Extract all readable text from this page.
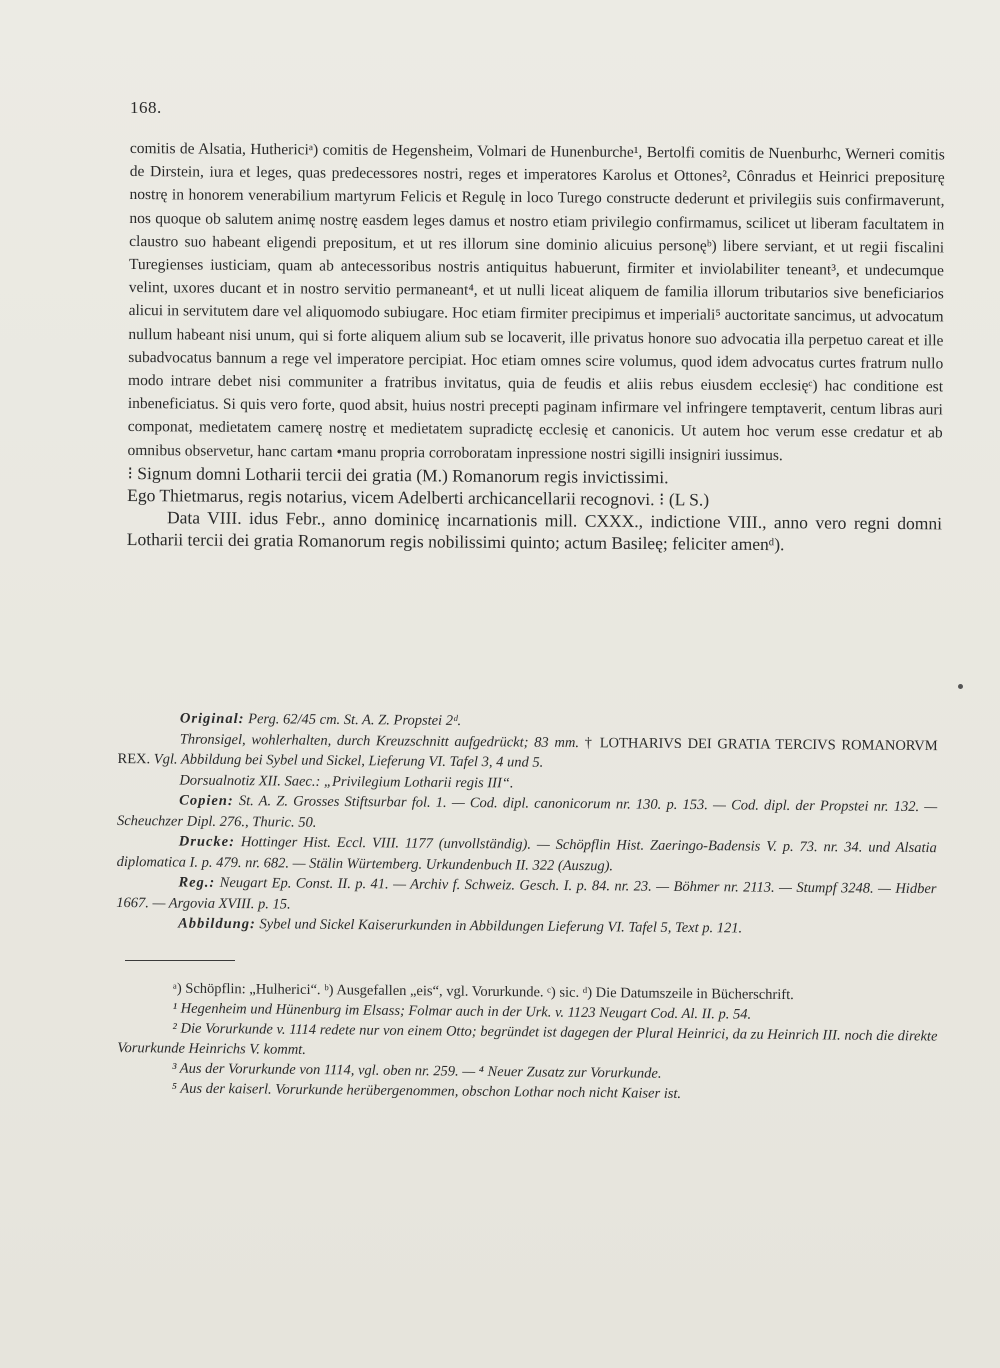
168.

comitis de Alsatia, Huthericiᵃ) comitis de Hegensheim, Volmari de Hunenburche¹, Bertolfi comitis de Nuenburhc, Werneri comitis de Dirstein, iura et leges, quas predecessores nostri, reges et imperatores Karolus et Ottones², Cônradus et Heinrici prepositurę nostrę in honorem venerabilium martyrum Felicis et Regulę in loco Turego constructe dederunt et privilegiis suis confirmaverunt, nos quoque ob salutem animę nostrę easdem leges damus et nostro etiam privilegio confirmamus, scilicet ut liberam facultatem in claustro suo habeant eligendi prepositum, et ut res illorum sine dominio alicuius personęᵇ) libere serviant, et ut regii fiscalini Turegienses iusticiam, quam ab antecessoribus nostris antiquitus habuerunt, firmiter et inviolabiliter teneant³, et undecumque velint, uxores ducant et in nostro servitio permaneant⁴, et ut nulli liceat aliquem de familia illorum tributarios sive beneficiarios alicui in servitutem dare vel aliquomodo subiugare. Hoc etiam firmiter precipimus et imperiali⁵ auctoritate sancimus, ut advocatum nullum habeant nisi unum, qui si forte aliquem alium sub se locaverit, ille privatus honore suo advocatia illa perpetuo careat et ille subadvocatus bannum a rege vel imperatore percipiat. Hoc etiam omnes scire volumus, quod idem advocatus curtes fratrum nullo modo intrare debet nisi communiter a fratribus invitatus, quia de feudis et aliis rebus eiusdem ecclesięᶜ) hac conditione est inbeneficiatus. Si quis vero forte, quod absit, huius nostri precepti paginam infirmare vel infringere temptaverit, centum libras auri componat, medietatem camerę nostrę et medietatem supradictę ecclesię et canonicis. Ut autem hoc verum esse credatur et ab omnibus observetur, hanc cartam •manu propria corroboratam inpressione nostri sigilli insigniri iussimus.

⁝ Signum domni Lotharii tercii dei gratia (M.) Romanorum regis invictissimi.

Ego Thietmarus, regis notarius, vicem Adelberti archicancellarii recognovi. ⁝ (L S.)

Data VIII. idus Febr., anno dominicę incarnationis mill. CXXX., indictione VIII., anno vero regni domni Lotharii tercii dei gratia Romanorum regis nobilissimi quinto; actum Basileę; feliciter amenᵈ).

Original: Perg. 62/45 cm. St. A. Z. Propstei 2ᵈ.

Thronsigel, wohlerhalten, durch Kreuzschnitt aufgedrückt; 83 mm. † LOTHARIVS DEI GRATIA TERCIVS ROMANORVM REX. Vgl. Abbildung bei Sybel und Sickel, Lieferung VI. Tafel 3, 4 und 5.

Dorsualnotiz XII. Saec.: „Privilegium Lotharii regis III“.

Copien: St. A. Z. Grosses Stiftsurbar fol. 1. — Cod. dipl. canonicorum nr. 130. p. 153. — Cod. dipl. der Propstei nr. 132. — Scheuchzer Dipl. 276., Thuric. 50.

Drucke: Hottinger Hist. Eccl. VIII. 1177 (unvollständig). — Schöpflin Hist. Zaeringo-Badensis V. p. 73. nr. 34. und Alsatia diplomatica I. p. 479. nr. 682. — Stälin Würtemberg. Urkundenbuch II. 322 (Auszug).

Reg.: Neugart Ep. Const. II. p. 41. — Archiv f. Schweiz. Gesch. I. p. 84. nr. 23. — Böhmer nr. 2113. — Stumpf 3248. — Hidber 1667. — Argovia XVIII. p. 15.

Abbildung: Sybel und Sickel Kaiserurkunden in Abbildungen Lieferung VI. Tafel 5, Text p. 121.

ᵃ) Schöpflin: „Hulherici“. ᵇ) Ausgefallen „eis“, vgl. Vorurkunde. ᶜ) sic. ᵈ) Die Datumszeile in Bücherschrift.

¹ Hegenheim und Hünenburg im Elsass; Folmar auch in der Urk. v. 1123 Neugart Cod. Al. II. p. 54.

² Die Vorurkunde v. 1114 redete nur von einem Otto; begründet ist dagegen der Plural Heinrici, da zu Heinrich III. noch die direkte Vorurkunde Heinrichs V. kommt.

³ Aus der Vorurkunde von 1114, vgl. oben nr. 259. — ⁴ Neuer Zusatz zur Vorurkunde.

⁵ Aus der kaiserl. Vorurkunde herübergenommen, obschon Lothar noch nicht Kaiser ist.
